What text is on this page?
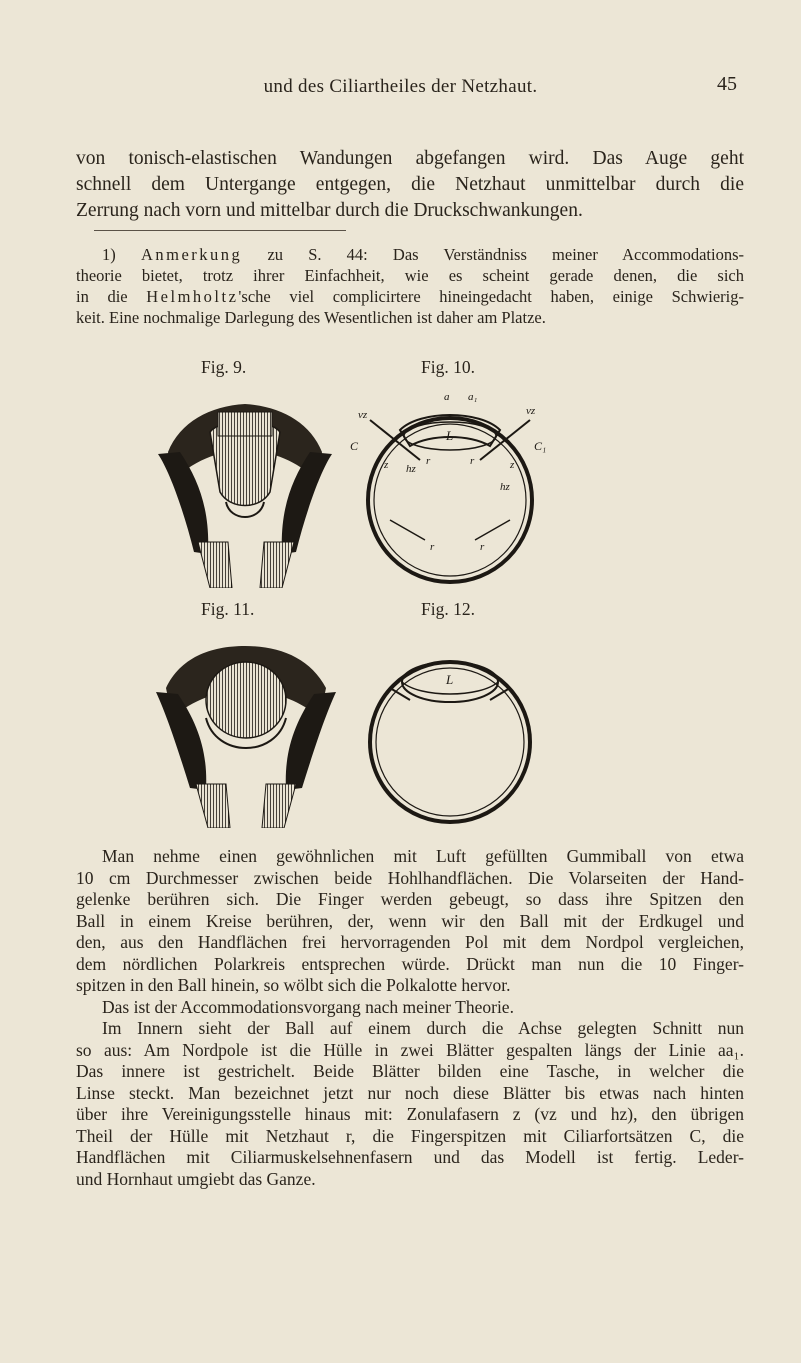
und des Ciliartheiles der Netzhaut.	45
von tonisch-elastischen Wandungen abgefangen wird. Das Auge geht
schnell dem Untergange entgegen, die Netzhaut unmittelbar durch die
Zerrung nach vorn und mittelbar durch die Druckschwankungen.
1) Anmerkung zu S. 44: Das Verständniss meiner Accommodations-
theorie bietet, trotz ihrer Einfachheit, wie es scheint gerade denen, die sich
in die Helmholtz'sche viel complicirtere hineingedacht haben, einige Schwierig-
keit. Eine nochmalige Darlegung des Wesentlichen ist daher am Platze.
Fig. 9.	Fig. 10.
Fig. 11.	Fig. 12.
vz
a a₁
vz
C	C₁
L
z	z
hz
hz
r	r
r	r
L
Man nehme einen gewöhnlichen mit Luft gefüllten Gummiball von etwa
10 cm Durchmesser zwischen beide Hohlhandflächen. Die Volarseiten der Hand-
gelenke berühren sich. Die Finger werden gebeugt, so dass ihre Spitzen den
Ball in einem Kreise berühren, der, wenn wir den Ball mit der Erdkugel und
den, aus den Handflächen frei hervorragenden Pol mit dem Nordpol vergleichen,
dem nördlichen Polarkreis entsprechen würde. Drückt man nun die 10 Finger-
spitzen in den Ball hinein, so wölbt sich die Polkalotte hervor.
Das ist der Accommodationsvorgang nach meiner Theorie.
Im Innern sieht der Ball auf einem durch die Achse gelegten Schnitt nun
so aus: Am Nordpole ist die Hülle in zwei Blätter gespalten längs der Linie aa₁.
Das innere ist gestrichelt. Beide Blätter bilden eine Tasche, in welcher die
Linse steckt. Man bezeichnet jetzt nur noch diese Blätter bis etwas nach hinten
über ihre Vereinigungsstelle hinaus mit: Zonulafasern z (vz und hz), den übrigen
Theil der Hülle mit Netzhaut r, die Fingerspitzen mit Ciliarfortsätzen C, die
Handflächen mit Ciliarmuskelsehnenfasern und das Modell ist fertig. Leder-
und Hornhaut umgiebt das Ganze.
